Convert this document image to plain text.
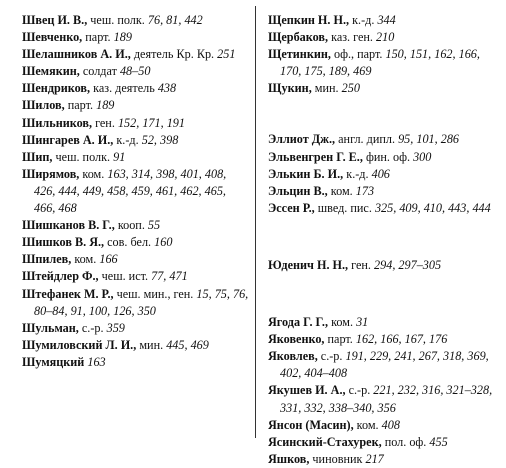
Швец И. В., чеш. полк. 76, 81, 442
Шевченко, парт. 189
Шелашников А. И., деятель Кр. Кр. 251
Шемякин, солдат 48–50
Шендриков, каз. деятель 438
Шилов, парт. 189
Шильников, ген. 152, 171, 191
Шингарев А. И., к.-д. 52, 398
Шип, чеш. полк. 91
Ширямов, ком. 163, 314, 398, 401, 408, 426, 444, 449, 458, 459, 461, 462, 465, 466, 468
Шишканов В. Г., кооп. 55
Шишков В. Я., сов. бел. 160
Шпилев, ком. 166
Штейдлер Ф., чеш. ист. 77, 471
Штефанек М. Р., чеш. мин., ген. 15, 75, 76, 80–84, 91, 100, 126, 350
Шульман, с.-р. 359
Шумиловский Л. И., мин. 445, 469
Шумяцкий 163
Щепкин Н. Н., к.-д. 344
Щербаков, каз. ген. 210
Щетинкин, оф., парт. 150, 151, 162, 166, 170, 175, 189, 469
Щукин, мин. 250
Эллиот Дж., англ. дипл. 95, 101, 286
Эльвенгрен Г. Е., фин. оф. 300
Элькин Б. И., к.-д. 406
Эльцин В., ком. 173
Эссен Р., швед. пис. 325, 409, 410, 443, 444
Юденич Н. Н., ген. 294, 297–305
Ягода Г. Г., ком. 31
Яковенко, парт. 162, 166, 167, 176
Яковлев, с.-р. 191, 229, 241, 267, 318, 369, 402, 404–408
Якушев И. А., с.-р. 221, 232, 316, 321–328, 331, 332, 338–340, 356
Янсон (Масин), ком. 408
Ясинский-Стахурек, пол. оф. 455
Яшков, чиновник 217
